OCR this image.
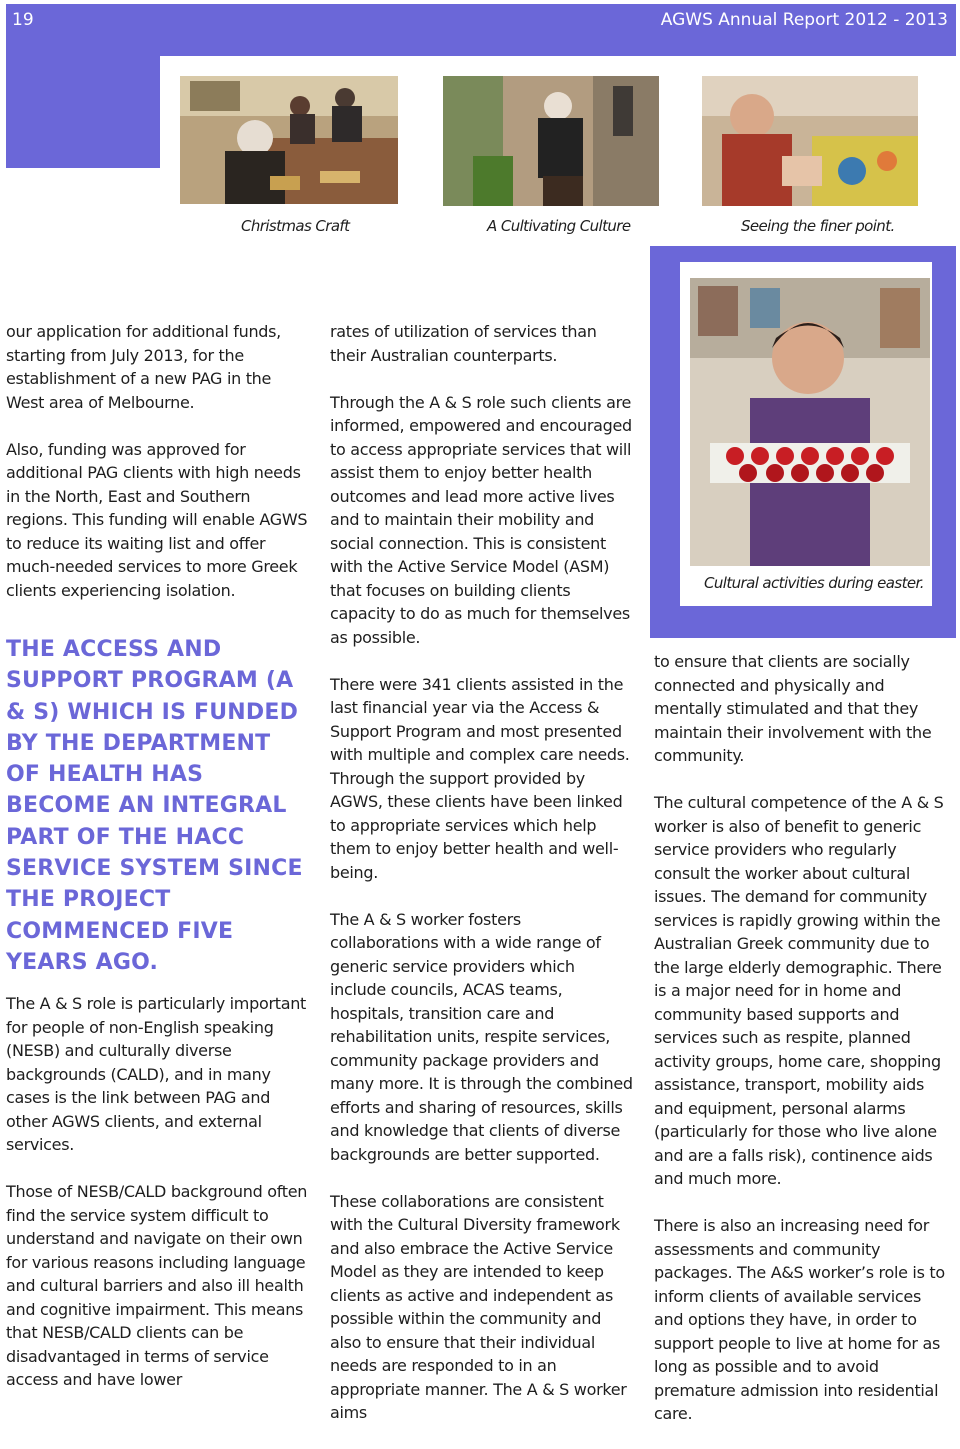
19	AGWS Annual Report 2012 - 2013
Christmas Craft	A Cultivating Culture	Seeing the finer point.
Cultural activities during easter.

our application for additional funds, starting from July 2013, for the establishment of a new PAG in the West area of Melbourne.

Also, funding was approved for additional PAG clients with high needs in the North, East and Southern regions. This funding will enable AGWS to reduce its waiting list and offer much-needed services to more Greek clients experiencing isolation.

THE ACCESS AND SUPPORT PROGRAM (A & S) WHICH IS FUNDED BY THE DEPARTMENT OF HEALTH HAS BECOME AN INTEGRAL PART OF THE HACC SERVICE SYSTEM SINCE THE PROJECT COMMENCED FIVE YEARS AGO.

The A & S role is particularly important for people of non-English speaking (NESB) and culturally diverse backgrounds (CALD), and in many cases is the link between PAG and other AGWS clients, and external services.

Those of NESB/CALD background often find the service system difficult to understand and navigate on their own for various reasons including language and cultural barriers and also ill health and cognitive impairment. This means that NESB/CALD clients can be disadvantaged in terms of service access and have lower

rates of utilization of services than their Australian counterparts.

Through the A & S role such clients are informed, empowered and encouraged to access appropriate services that will assist them to enjoy better health outcomes and lead more active lives and to maintain their mobility and social connection. This is consistent with the Active Service Model (ASM) that focuses on building clients capacity to do as much for themselves as possible.

There were 341 clients assisted in the last financial year via the Access & Support Program and most presented with multiple and complex care needs. Through the support provided by AGWS, these clients have been linked to appropriate services which help them to enjoy better health and well-being.

The A & S worker fosters collaborations with a wide range of generic service providers which include councils, ACAS teams, hospitals, transition care and rehabilitation units, respite services, community package providers and many more. It is through the combined efforts and sharing of resources, skills and knowledge that clients of diverse backgrounds are better supported.

These collaborations are consistent with the Cultural Diversity framework and also embrace the Active Service Model as they are intended to keep clients as active and independent as possible within the community and also to ensure that their individual needs are responded to in an appropriate manner. The A & S worker aims

to ensure that clients are socially connected and physically and mentally stimulated and that they maintain their involvement with the community.

The cultural competence of the A & S worker is also of benefit to generic service providers who regularly consult the worker about cultural issues. The demand for community services is rapidly growing within the Australian Greek community due to the large elderly demographic. There is a major need for in home and community based supports and services such as respite, planned activity groups, home care, shopping assistance, transport, mobility aids and equipment, personal alarms (particularly for those who live alone and are a falls risk), continence aids and much more.

There is also an increasing need for assessments and community packages. The A&S worker’s role is to inform clients of available services and options they have, in order to support people to live at home for as long as possible and to avoid premature admission into residential care.
